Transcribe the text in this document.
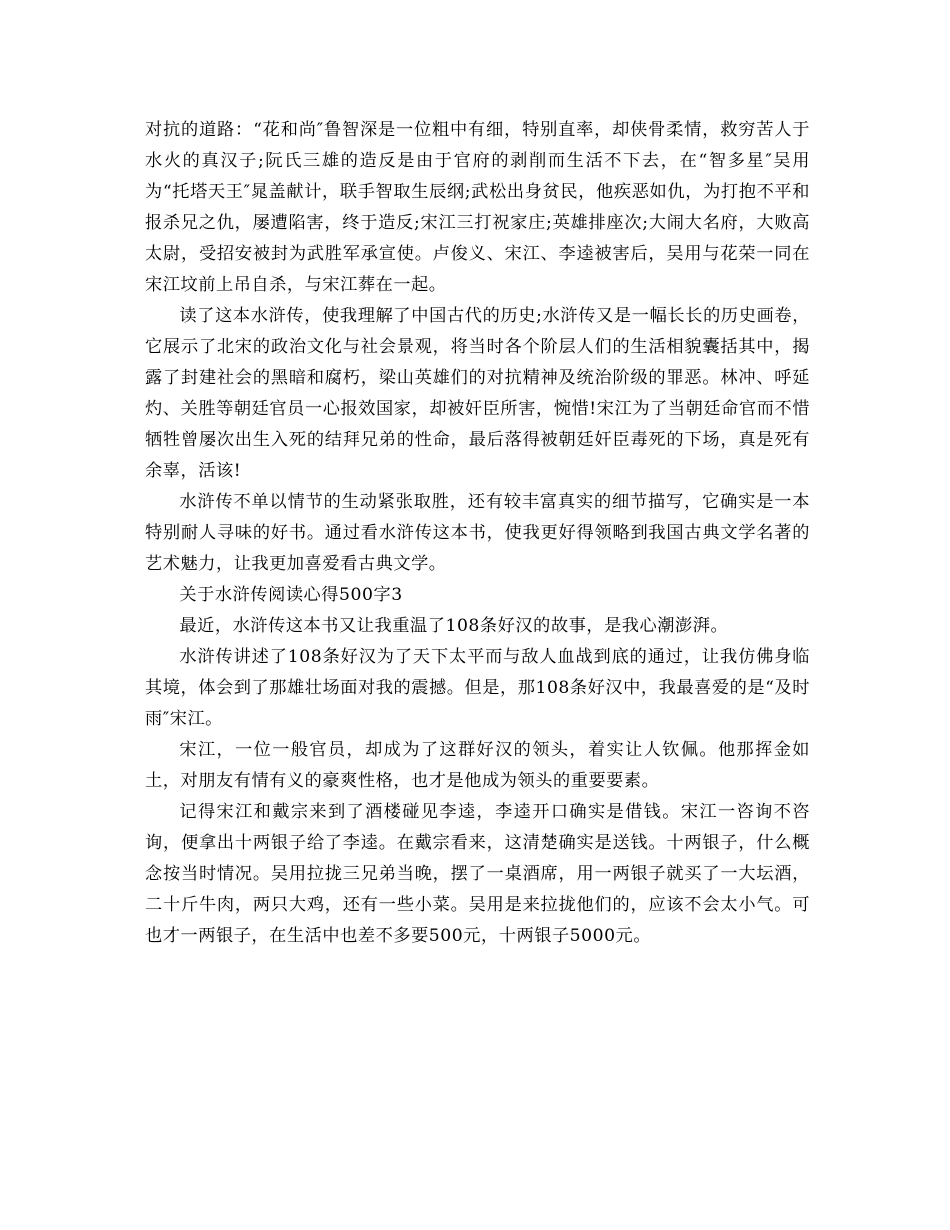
对抗的道路：“花和尚″鲁智深是一位粗中有细，特别直率，却侠骨柔情，救穷苦人于水火的真汉子;阮氏三雄的造反是由于官府的剥削而生活不下去，在“智多星″吴用为“托塔天王″晁盖献计，联手智取生辰纲;武松出身贫民，他疾恶如仇，为打抱不平和报杀兄之仇，屡遭陷害，终于造反;宋江三打祝家庄;英雄排座次;大闹大名府，大败高太尉，受招安被封为武胜军承宣使。卢俊义、宋江、李逵被害后，吴用与花荣一同在宋江坟前上吊自杀，与宋江葬在一起。

读了这本水浒传，使我理解了中国古代的历史;水浒传又是一幅长长的历史画卷，它展示了北宋的政治文化与社会景观，将当时各个阶层人们的生活相貌囊括其中，揭露了封建社会的黑暗和腐朽，梁山英雄们的对抗精神及统治阶级的罪恶。林冲、呼延灼、关胜等朝廷官员一心报效国家，却被奸臣所害，惋惜!宋江为了当朝廷命官而不惜牺牲曾屡次出生入死的结拜兄弟的性命，最后落得被朝廷奸臣毒死的下场，真是死有余辜，活该!

水浒传不单以情节的生动紧张取胜，还有较丰富真实的细节描写，它确实是一本特别耐人寻味的好书。通过看水浒传这本书，使我更好得领略到我国古典文学名著的艺术魅力，让我更加喜爱看古典文学。

关于水浒传阅读心得500字3

最近，水浒传这本书又让我重温了108条好汉的故事，是我心潮澎湃。

水浒传讲述了108条好汉为了天下太平而与敌人血战到底的通过，让我仿佛身临其境，体会到了那雄壮场面对我的震撼。但是，那108条好汉中，我最喜爱的是“及时雨″宋江。

宋江，一位一般官员，却成为了这群好汉的领头，着实让人钦佩。他那挥金如土，对朋友有情有义的豪爽性格，也才是他成为领头的重要要素。

记得宋江和戴宗来到了酒楼碰见李逵，李逵开口确实是借钱。宋江一咨询不咨询，便拿出十两银子给了李逵。在戴宗看来，这清楚确实是送钱。十两银子，什么概念按当时情况。吴用拉拢三兄弟当晚，摆了一桌酒席，用一两银子就买了一大坛酒，二十斤牛肉，两只大鸡，还有一些小菜。吴用是来拉拢他们的，应该不会太小气。可也才一两银子，在生活中也差不多要500元，十两银子5000元。
